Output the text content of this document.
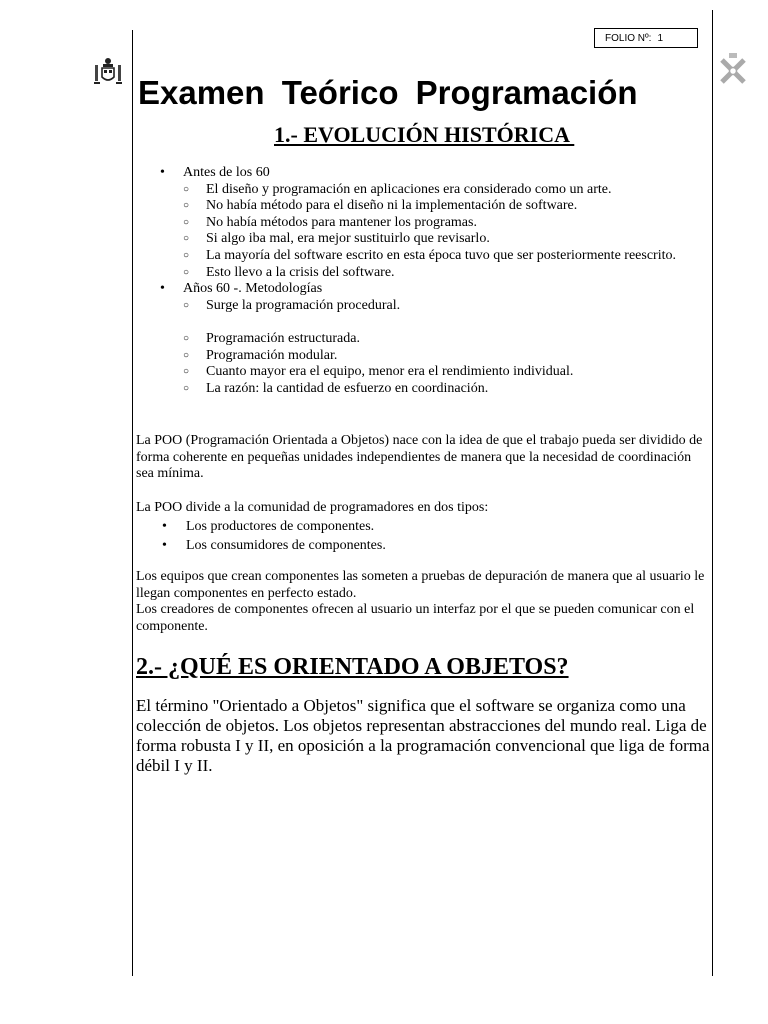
FOLIO Nº: 1
Examen Teórico Programación
1.- EVOLUCIÓN HISTÓRICA
• Antes de los 60
○ El diseño y programación en aplicaciones era considerado como un arte.
○ No había método para el diseño ni la implementación de software.
○ No había métodos para mantener los programas.
○ Si algo iba mal, era mejor sustituirlo que revisarlo.
○ La mayoría del software escrito en esta época tuvo que ser posteriormente reescrito.
○ Esto llevo a la crisis del software.
• Años 60 -. Metodologías
○ Surge la programación procedural.
○ Programación estructurada.
○ Programación modular.
○ Cuanto mayor era el equipo, menor era el rendimiento individual.
○ La razón: la cantidad de esfuerzo en coordinación.

La POO (Programación Orientada a Objetos) nace con la idea de que el trabajo pueda ser dividido de forma coherente en pequeñas unidades independientes de manera que la necesidad de coordinación sea mínima.

La POO divide a la comunidad de programadores en dos tipos:

• Los productores de componentes.
• Los consumidores de componentes.
Los equipos que crean componentes las someten a pruebas de depuración de manera que al usuario le llegan componentes en perfecto estado.
Los creadores de componentes ofrecen al usuario un interfaz por el que se pueden comunicar con el componente.
2.- ¿QUÉ ES ORIENTADO A OBJETOS?

El término "Orientado a Objetos" significa que el software se organiza como una colección de objetos. Los objetos representan abstracciones del mundo real. Liga de forma robusta I y II, en oposición a la programación convencional que liga de forma débil I y II.
